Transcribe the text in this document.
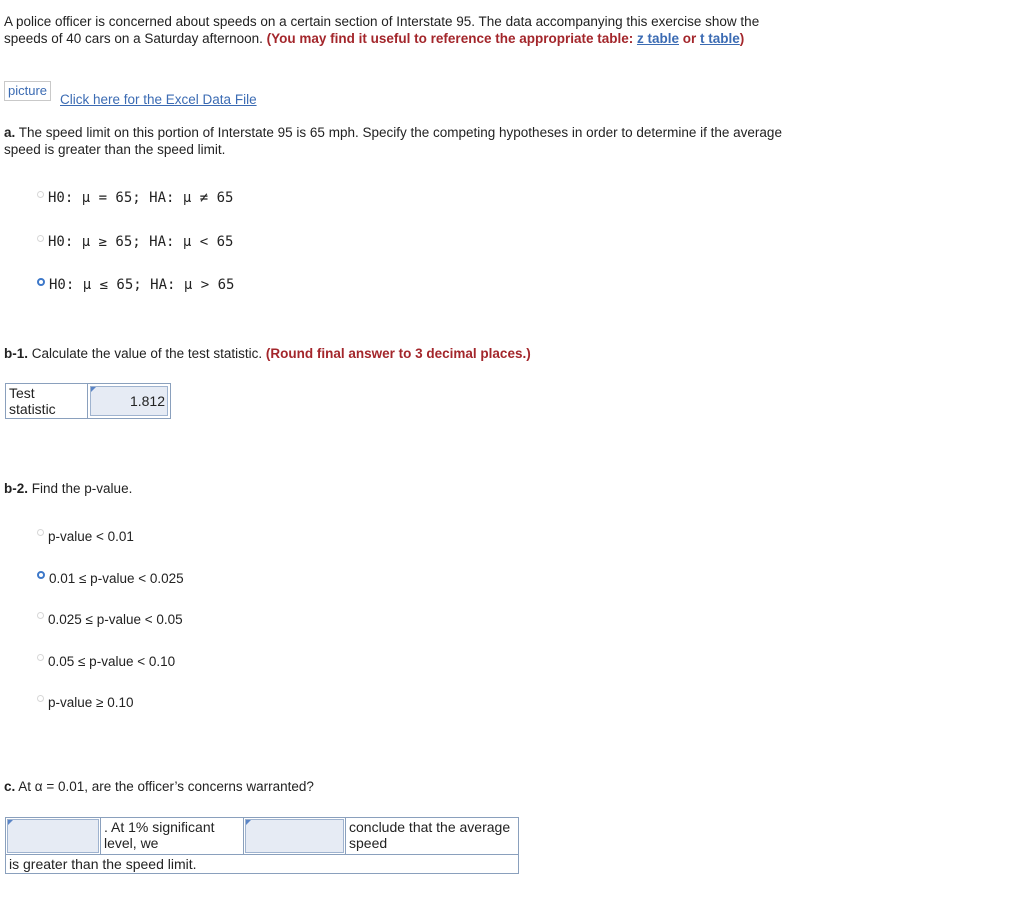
A police officer is concerned about speeds on a certain section of Interstate 95. The data accompanying this exercise show the speeds of 40 cars on a Saturday afternoon. (You may find it useful to reference the appropriate table: z table or t table)
picture
Click here for the Excel Data File
a. The speed limit on this portion of Interstate 95 is 65 mph. Specify the competing hypotheses in order to determine if the average speed is greater than the speed limit.
H0: μ = 65; HA: μ ≠ 65
H0: μ ≥ 65; HA: μ < 65
H0: μ ≤ 65; HA: μ > 65
b-1. Calculate the value of the test statistic. (Round final answer to 3 decimal places.)
Test statistic
1.812
b-2. Find the p-value.
p-value < 0.01
0.01 ≤ p-value < 0.025
0.025 ≤ p-value < 0.05
0.05 ≤ p-value < 0.10
p-value ≥ 0.10
c. At α = 0.01, are the officer’s concerns warranted?
. At 1% significant level, we
conclude that the average speed
is greater than the speed limit.
